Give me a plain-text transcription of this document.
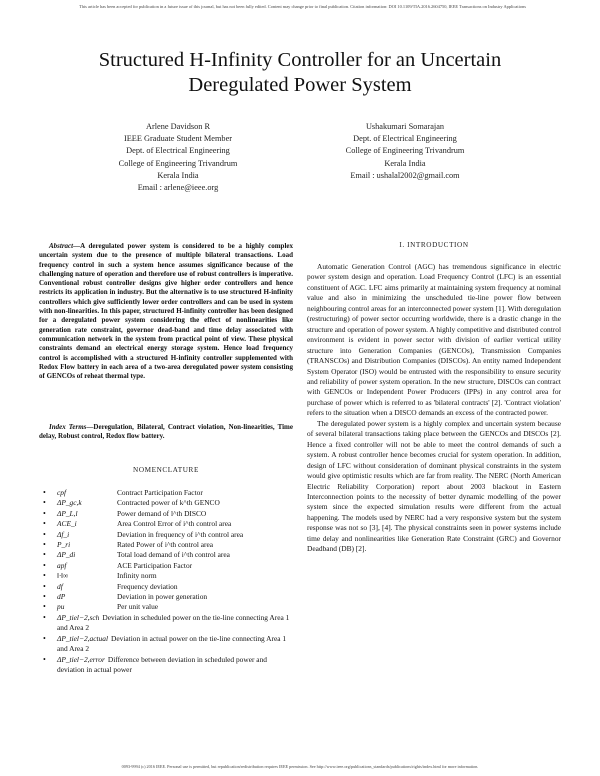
This article has been accepted for publication in a future issue of this journal, but has not been fully edited. Content may change prior to final publication. Citation information: DOI 10.1109/TIA.2016.2604750, IEEE Transactions on Industry Applications
Structured H-Infinity Controller for an Uncertain
Deregulated Power System
Arlene Davidson R
IEEE Graduate Student Member
Dept. of Electrical Engineering
College of Engineering Trivandrum
Kerala India
Email : arlene@ieee.org
Ushakumari Somarajan
Dept. of Electrical Engineering
College of Engineering Trivandrum
Kerala India
Email : ushalal2002@gmail.com
Abstract—A deregulated power system is considered to be a highly complex uncertain system due to the presence of multiple bilateral transactions. Load frequency control in such a system hence assumes significance because of the challenging nature of operation and therefore use of robust controllers is imperative. Conventional robust controller designs give higher order controllers and hence restricts its application in industry. But the alternative is to use structured H-infinity controllers which give sufficiently lower order controllers and can be used in system with non-linearities. In this paper, structured H-infinity controller has been designed for a deregulated power system considering the effect of nonlinearities like generation rate constraint, governor dead-band and time delay associated with communication network in the system from practical point of view. These physical constraints demand an electrical energy storage system. Hence load frequency control is accomplished with a structured H-infinity controller supplemented with Redox Flow battery in each area of a two-area deregulated power system consisting of GENCOs of reheat thermal type.
Index Terms—Deregulation, Bilateral, Contract violation, Non-linearities, Time delay, Robust control, Redox flow battery.
NOMENCLATURE
• cpf	Contract Participation Factor
• ΔP_gc,k	Contracted power of k^th GENCO
• ΔP_L,l	Power demand of l^th DISCO
• ACE_i	Area Control Error of i^th control area
• Δf_i	Deviation in frequency of i^th control area
• P_ri	Rated Power of i^th control area
• ΔP_di	Total load demand of i^th control area
• apf	ACE Participation Factor
• ‖·‖∞	Infinity norm
• df	Frequency deviation
• dP	Deviation in power generation
• pu	Per unit value
• ΔP_tiel−2,sch Deviation in scheduled power on the tie-line connecting Area 1 and Area 2
• ΔP_tiel−2,actual Deviation in actual power on the tie-line connecting Area 1 and Area 2
• ΔP_tiel−2,error Difference between deviation in scheduled power and deviation in actual power
I. INTRODUCTION

Automatic Generation Control (AGC) has tremendous significance in electric power system design and operation. Load Frequency Control (LFC) is an essential constituent of AGC. LFC aims primarily at maintaining system frequency at nominal value and also in minimizing the unscheduled tie-line power flow between neighbouring control areas for an interconnected power system [1]. With deregulation (restructuring) of power sector occurring worldwide, there is a drastic change in the structure and operation of power system. A highly competitive and distributed control environment is evident in power sector with division of earlier vertical utility structure into Generation Companies (GENCOs), Transmission Companies (TRANSCOs) and Distribution Companies (DISCOs). An entity named Independent System Operator (ISO) would be entrusted with the responsibility to ensure security and reliability of power system operation. In the new structure, DISCOs can contract with GENCOs or Independent Power Producers (IPPs) in any control area for purchase of power which is referred to as 'bilateral contracts' [2]. 'Contract violation' refers to the situation when a DISCO demands an excess of the contracted power.

The deregulated power system is a highly complex and uncertain system because of several bilateral transactions taking place between the GENCOs and DISCOs [2]. Hence a fixed controller will not be able to meet the control demands of such a system. A robust controller hence becomes crucial for system operation. In addition, design of LFC without consideration of dominant physical constraints in the system would give optimistic results which are far from reality. The NERC (North American Electric Reliability Corporation) report about 2003 blackout in Eastern Interconnection points to the necessity of better dynamic modelling of the power system since the expected simulation results were different from the actual happening. The models used by NERC had a very responsive system but the system response was not so [3], [4]. The physical constraints seen in power systems include time delay and nonlinearities like Generation Rate Constraint (GRC) and Governor Deadband (DB) [2].

0093-9994 (c) 2016 IEEE. Personal use is permitted, but republication/redistribution requires IEEE permission. See http://www.ieee.org/publications_standards/publications/rights/index.html for more information.
